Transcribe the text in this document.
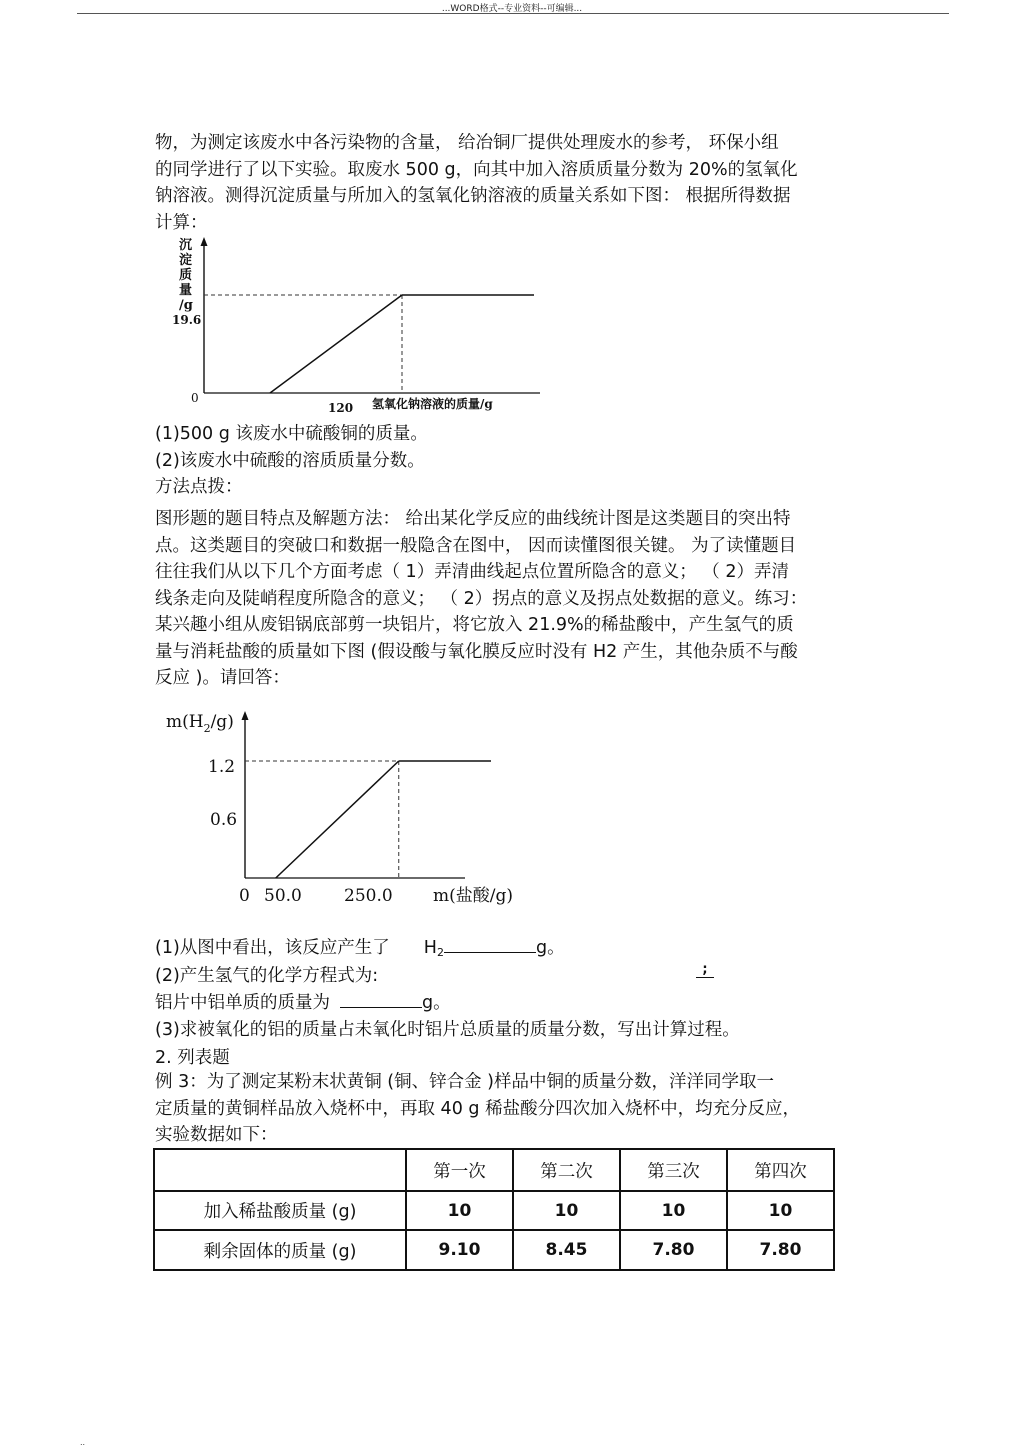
...WORD格式--专业资料--可编辑...

物，为测定该废水中各污染物的含量， 给冶铜厂提供处理废水的参考， 环保小组

的同学进行了以下实验。取废水 500 g，向其中加入溶质质量分数为 20%的氢氧化

钠溶液。测得沉淀质量与所加入的氢氧化钠溶液的质量关系如下图： 根据所得数据

计算：

沉
淀
质
量
/g
0
19.6
120 氢氧化钠溶液的质量/g

(1)500 g 该废水中硫酸铜的质量。

(2)该废水中硫酸的溶质质量分数。

方法点拨：

图形题的题目特点及解题方法： 给出某化学反应的曲线统计图是这类题目的突出特

点。这类题目的突破口和数据一般隐含在图中， 因而读懂图很关键。 为了读懂题目

往往我们从以下几个方面考虑（ 1）弄清曲线起点位置所隐含的意义； （ 2）弄清

线条走向及陡峭程度所隐含的意义； （ 2）拐点的意义及拐点处数据的意义。练习：

某兴趣小组从废铝锅底部剪一块铝片，将它放入 21.9%的稀盐酸中，产生氢气的质

量与消耗盐酸的质量如下图 (假设酸与氧化膜反应时没有 H2 产生，其他杂质不与酸

反应 )。请回答：

$m(H_2/g)$
1.2
0.6
0 50.0 250.0 m(盐酸/g)
(1)从图中看出，该反应产生了 $H_2$	g。
(2)产生氢气的化学方程式为:	;
铝片中铝单质的质量为	g。
(3)求被氧化的铝的质量占未氧化时铝片总质量的质量分数，写出计算过程。
2. 列表题

例 3：为了测定某粉末状黄铜 (铜、锌合金 )样品中铜的质量分数，洋洋同学取一

定质量的黄铜样品放入烧杯中，再取 40 g 稀盐酸分四次加入烧杯中，均充分反应，

实验数据如下：

	第一次	第二次	第三次	第四次
加入稀盐酸质量 (g)	10	10	10	10
剩余固体的质量 (g)	9.10	8.45	7.80	7.80
..
